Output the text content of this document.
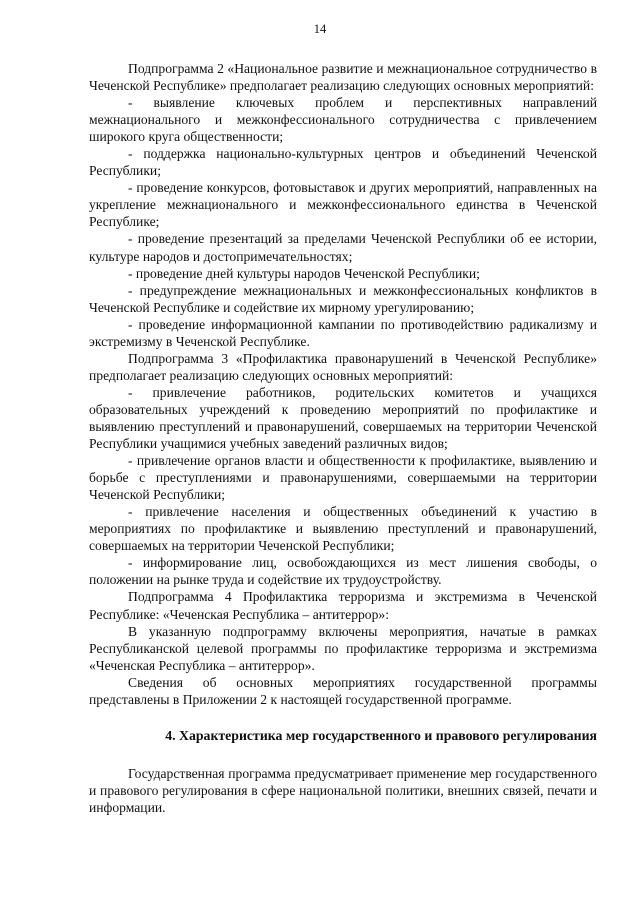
14

Подпрограмма 2 «Национальное развитие и межнациональное сотрудничество в Чеченской Республике» предполагает реализацию следующих основных мероприятий:

- выявление ключевых проблем и перспективных направлений межнационального и межконфессионального сотрудничества с привлечением широкого круга общественности;

- поддержка национально-культурных центров и объединений Чеченской Республики;

- проведение конкурсов, фотовыставок и других мероприятий, направленных на укрепление межнационального и межконфессионального единства в Чеченской Республике;

- проведение презентаций за пределами Чеченской Республики об ее истории, культуре народов и достопримечательностях;

- проведение дней культуры народов Чеченской Республики;

- предупреждение межнациональных и межконфессиональных конфликтов в Чеченской Республике и содействие их мирному урегулированию;

- проведение информационной кампании по противодействию радикализму и экстремизму в Чеченской Республике.

Подпрограмма 3 «Профилактика правонарушений в Чеченской Республике» предполагает реализацию следующих основных мероприятий:

- привлечение работников, родительских комитетов и учащихся образовательных учреждений к проведению мероприятий по профилактике и выявлению преступлений и правонарушений, совершаемых на территории Чеченской Республики учащимися учебных заведений различных видов;

- привлечение органов власти и общественности к профилактике, выявлению и борьбе с преступлениями и правонарушениями, совершаемыми на территории Чеченской Республики;

- привлечение населения и общественных объединений к участию в мероприятиях по профилактике и выявлению преступлений и правонарушений, совершаемых на территории Чеченской Республики;

- информирование лиц, освобождающихся из мест лишения свободы, о положении на рынке труда и содействие их трудоустройству.

Подпрограмма 4 Профилактика терроризма и экстремизма в Чеченской Республике: «Чеченская Республика – антитеррор»:

В указанную подпрограмму включены мероприятия, начатые в рамках Республиканской целевой программы по профилактике терроризма и экстремизма «Чеченская Республика – антитеррор».

Сведения об основных мероприятиях государственной программы представлены в Приложении 2 к настоящей государственной программе.

4. Характеристика мер государственного и правового регулирования

Государственная программа предусматривает применение мер государственного и правового регулирования в сфере национальной политики, внешних связей, печати и информации.
